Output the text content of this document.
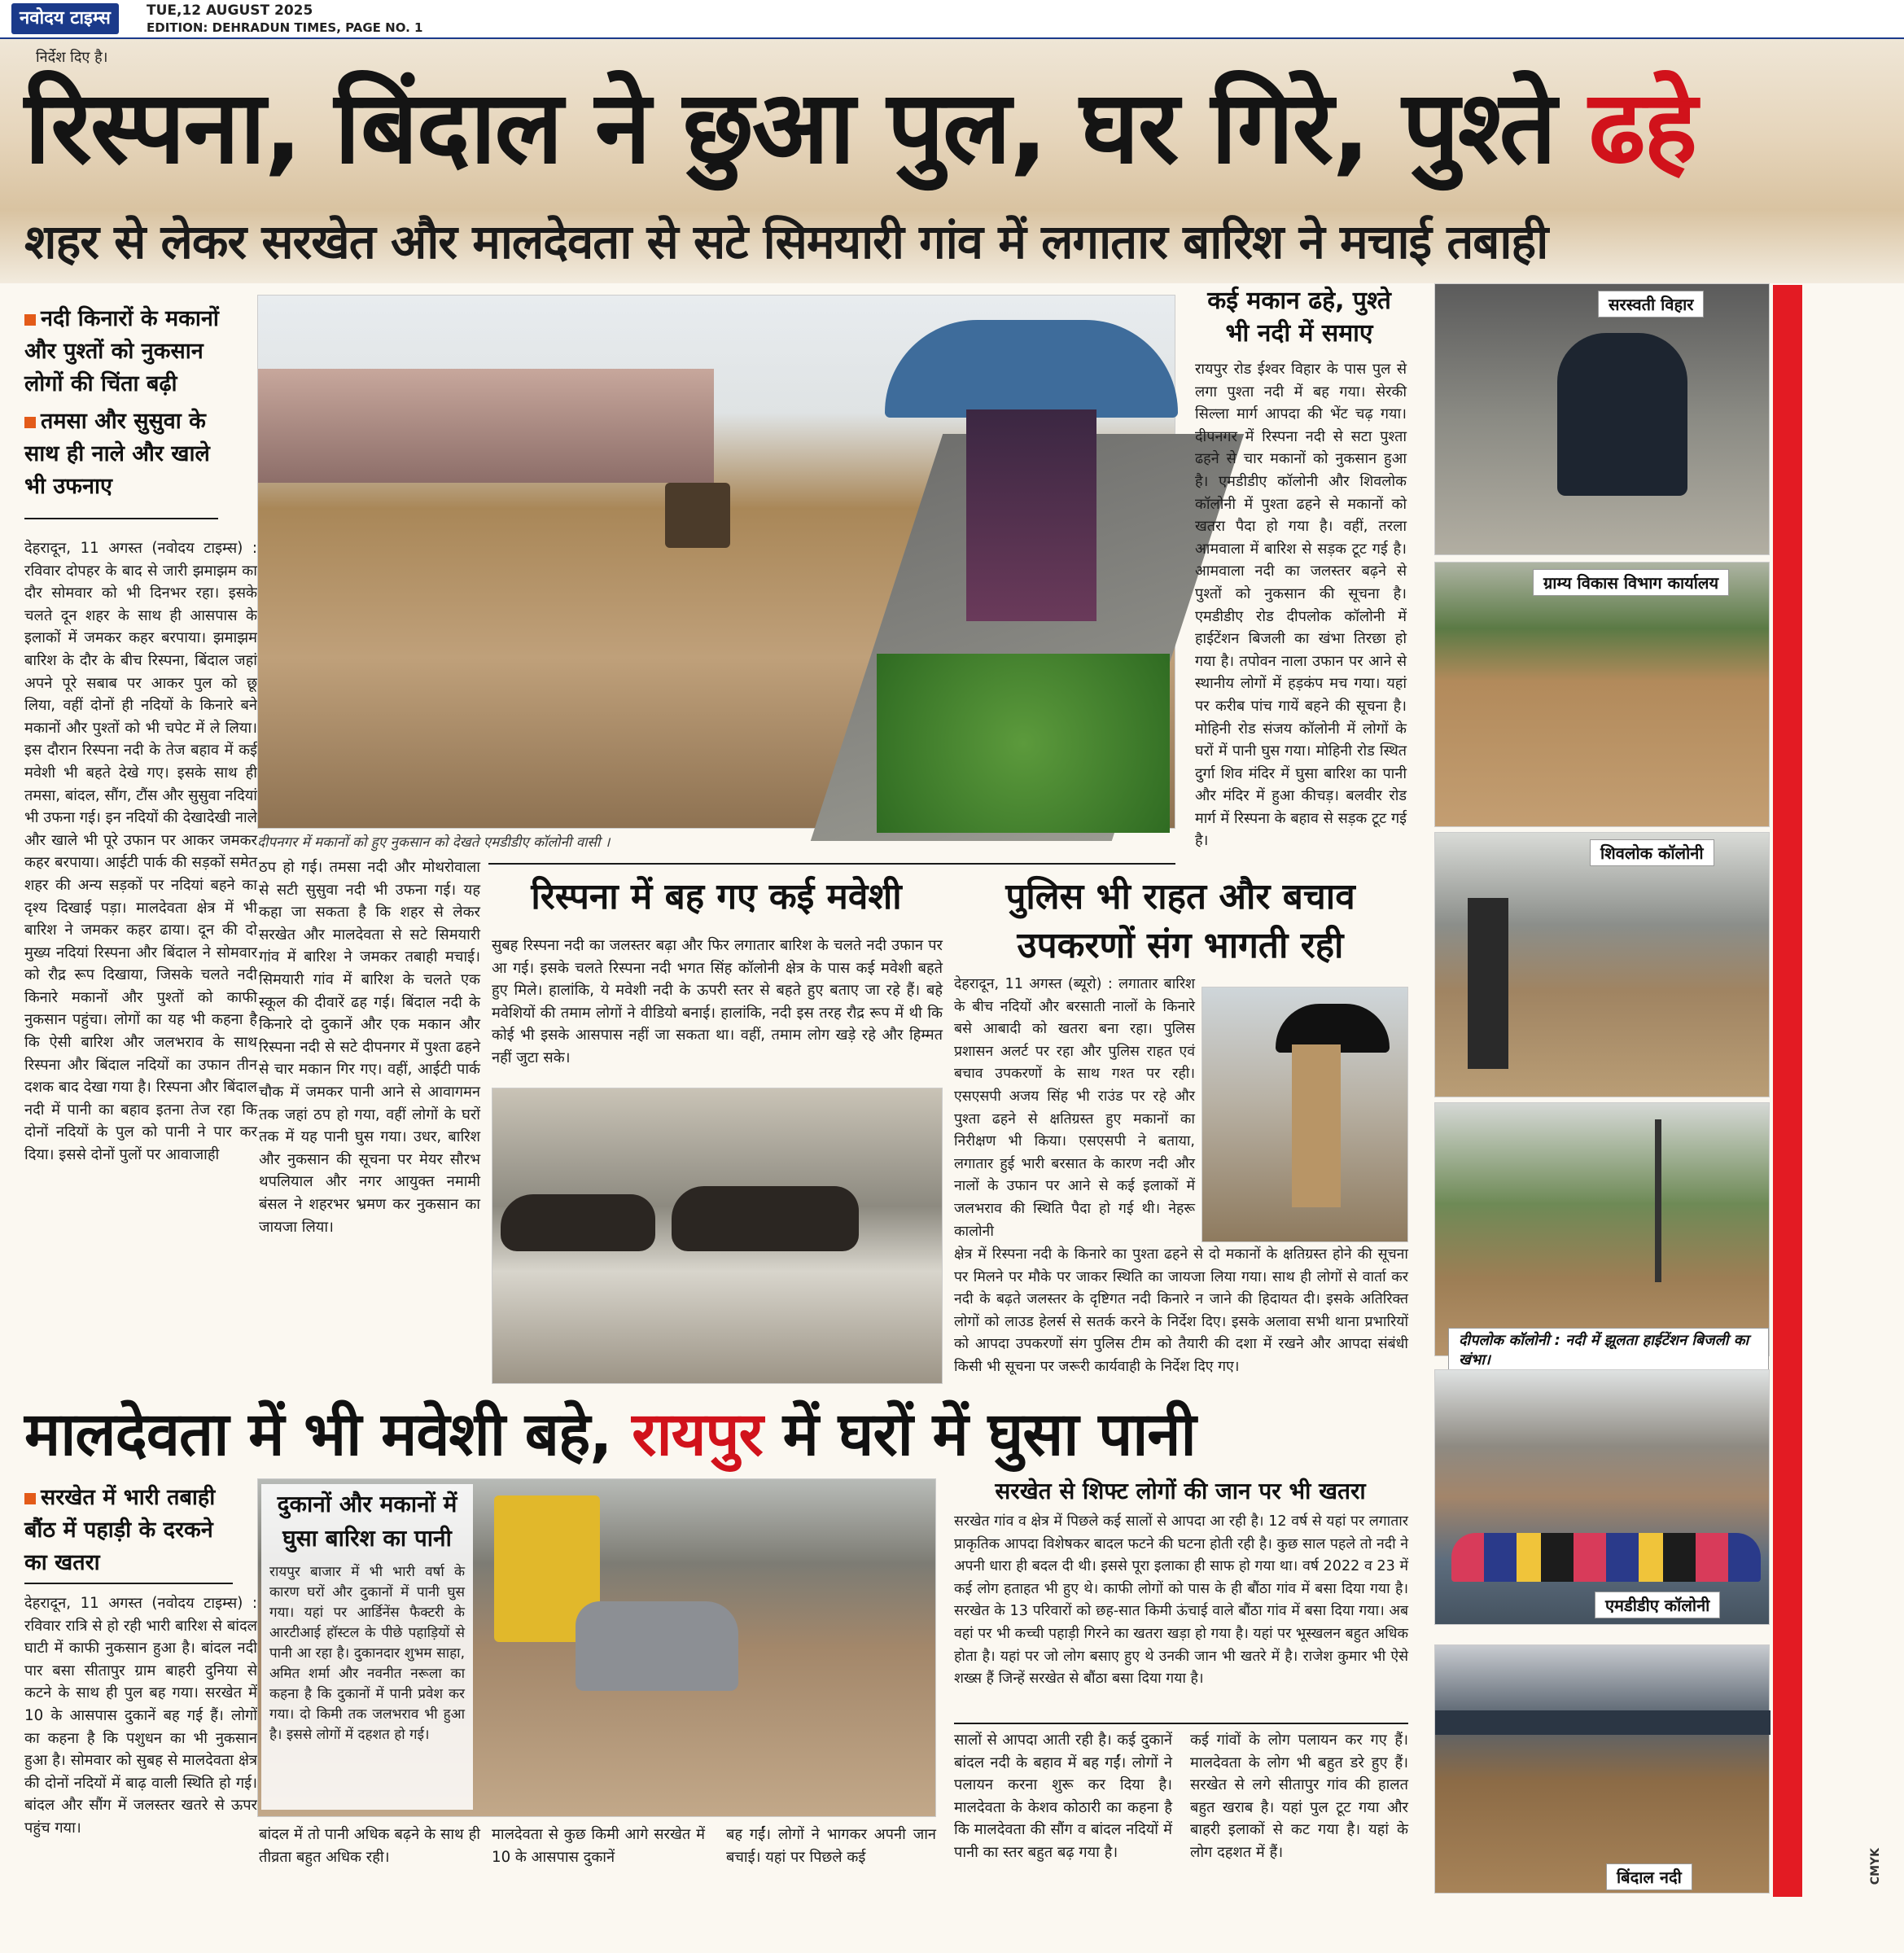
नवोदय टाइम्स	TUE,12 AUGUST 2025
EDITION: DEHRADUN TIMES, PAGE NO. 1
निर्देश दिए है।
रिस्पना, बिंदाल ने छुआ पुल, घर गिरे, पुश्ते ढहे
शहर से लेकर सरखेत और मालदेवता से सटे सिमयारी गांव में लगातार बारिश ने मचाई तबाही
नदी किनारों के मकानों और पुश्तों को नुकसान लोगों की चिंता बढ़ी
तमसा और सुसुवा के साथ ही नाले और खाले भी उफनाए
देहरादून, 11 अगस्त (नवोदय टाइम्स) : रविवार दोपहर के बाद से जारी झमाझम का दौर सोमवार को भी दिनभर रहा। इसके चलते दून शहर के साथ ही आसपास के इलाकों में जमकर कहर बरपाया। झमाझम बारिश के दौर के बीच रिस्पना, बिंदाल जहां अपने पूरे सबाब पर आकर पुल को छू लिया, वहीं दोनों ही नदियों के किनारे बने मकानों और पुश्तों को भी चपेट में ले लिया। इस दौरान रिस्पना नदी के तेज बहाव में कई मवेशी भी बहते देखे गए। इसके साथ ही तमसा, बांदल, सौंग, टौंस और सुसुवा नदियां भी उफना गई। इन नदियों की देखादेखी नाले और खाले भी पूरे उफान पर आकर जमकर कहर बरपाया। आईटी पार्क की सड़कों समेत शहर की अन्य सड़कों पर नदियां बहने का दृश्य दिखाई पड़ा। मालदेवता क्षेत्र में भी बारिश ने जमकर कहर ढाया। दून की दो मुख्य नदियां रिस्पना और बिंदाल ने सोमवार को रौद्र रूप दिखाया, जिसके चलते नदी किनारे मकानों और पुश्तों को काफी नुकसान पहुंचा। लोगों का यह भी कहना है कि ऐसी बारिश और जलभराव के साथ रिस्पना और बिंदाल नदियों का उफान तीन दशक बाद देखा गया है। रिस्पना और बिंदाल नदी में पानी का बहाव इतना तेज रहा कि दोनों नदियों के पुल को पानी ने पार कर दिया। इससे दोनों पुलों पर आवाजाही
दीपनगर में मकानों को हुए नुकसान को देखते एमडीडीए कॉलोनी वासी ।
ठप हो गई। तमसा नदी और मोथरोवाला से सटी सुसुवा नदी भी उफना गई। यह कहा जा सकता है कि शहर से लेकर सरखेत और मालदेवता से सटे सिमयारी गांव में बारिश ने जमकर तबाही मचाई। सिमयारी गांव में बारिश के चलते एक स्कूल की दीवारें ढह गई। बिंदाल नदी के किनारे दो दुकानें और एक मकान और रिस्पना नदी से सटे दीपनगर में पुश्ता ढहने से चार मकान गिर गए। वहीं, आईटी पार्क चौक में जमकर पानी आने से आवागमन तक जहां ठप हो गया, वहीं लोगों के घरों तक में यह पानी घुस गया। उधर, बारिश और नुकसान की सूचना पर मेयर सौरभ थपलियाल और नगर आयुक्त नमामी बंसल ने शहरभर भ्रमण कर नुकसान का जायजा लिया।
कई मकान ढहे, पुश्ते भी नदी में समाए
रायपुर रोड ईश्वर विहार के पास पुल से लगा पुश्ता नदी में बह गया। सेरकी सिल्ला मार्ग आपदा की भेंट चढ़ गया। दीपनगर में रिस्पना नदी से सटा पुश्ता ढहने से चार मकानों को नुकसान हुआ है। एमडीडीए कॉलोनी और शिवलोक कॉलोनी में पुश्ता ढहने से मकानों को खतरा पैदा हो गया है। वहीं, तरला आमवाला में बारिश से सड़क टूट गई है। आमवाला नदी का जलस्तर बढ़ने से पुश्तों को नुकसान की सूचना है। एमडीडीए रोड दीपलोक कॉलोनी में हाईटेंशन बिजली का खंभा तिरछा हो गया है। तपोवन नाला उफान पर आने से स्थानीय लोगों में हड़कंप मच गया। यहां पर करीब पांच गायें बहने की सूचना है। मोहिनी रोड संजय कॉलोनी में लोगों के घरों में पानी घुस गया। मोहिनी रोड स्थित दुर्गा शिव मंदिर में घुसा बारिश का पानी और मंदिर में हुआ कीचड़। बलवीर रोड मार्ग में रिस्पना के बहाव से सड़क टूट गई है।
रिस्पना में बह गए कई मवेशी
सुबह रिस्पना नदी का जलस्तर बढ़ा और फिर लगातार बारिश के चलते नदी उफान पर आ गई। इसके चलते रिस्पना नदी भगत सिंह कॉलोनी क्षेत्र के पास कई मवेशी बहते हुए मिले। हालांकि, ये मवेशी नदी के ऊपरी स्तर से बहते हुए बताए जा रहे हैं। बहे मवेशियों की तमाम लोगों ने वीडियो बनाई। हालांकि, नदी इस तरह रौद्र रूप में थी कि कोई भी इसके आसपास नहीं जा सकता था। वहीं, तमाम लोग खड़े रहे और हिम्मत नहीं जुटा सके।
पुलिस भी राहत और बचाव उपकरणों संग भागती रही
देहरादून, 11 अगस्त (ब्यूरो) : लगातार बारिश के बीच नदियों और बरसाती नालों के किनारे बसे आबादी को खतरा बना रहा। पुलिस प्रशासन अलर्ट पर रहा और पुलिस राहत एवं बचाव उपकरणों के साथ गश्त पर रही। एसएसपी अजय सिंह भी राउंड पर रहे और पुश्ता ढहने से क्षतिग्रस्त हुए मकानों का निरीक्षण भी किया। एसएसपी ने बताया, लगातार हुई भारी बरसात के कारण नदी और नालों के उफान पर आने से कई इलाकों में जलभराव की स्थिति पैदा हो गई थी। नेहरू कालोनी
क्षेत्र में रिस्पना नदी के किनारे का पुश्ता ढहने से दो मकानों के क्षतिग्रस्त होने की सूचना पर मिलने पर मौके पर जाकर स्थिति का जायजा लिया गया। साथ ही लोगों से वार्ता कर नदी के बढ़ते जलस्तर के दृष्टिगत नदी किनारे न जाने की हिदायत दी। इसके अतिरिक्त लोगों को लाउड हेलर्स से सतर्क करने के निर्देश दिए। इसके अलावा सभी थाना प्रभारियों को आपदा उपकरणों संग पुलिस टीम को तैयारी की दशा में रखने और आपदा संबंधी किसी भी सूचना पर जरूरी कार्यवाही के निर्देश दिए गए।
सरस्वती विहार
ग्राम्य विकास विभाग कार्यालय
शिवलोक कॉलोनी
दीपलोक कॉलोनी : नदी में झूलता हाईटेंशन बिजली का खंभा।
एमडीडीए कॉलोनी
बिंदाल नदी
मालदेवता में भी मवेशी बहे, रायपुर में घरों में घुसा पानी
सरखेत में भारी तबाही बौंठ में पहाड़ी के दरकने का खतरा
देहरादून, 11 अगस्त (नवोदय टाइम्स) : रविवार रात्रि से हो रही भारी बारिश से बांदल घाटी में काफी नुकसान हुआ है। बांदल नदी पार बसा सीतापुर ग्राम बाहरी दुनिया से कटने के साथ ही पुल बह गया। सरखेत में 10 के आसपास दुकानें बह गई हैं। लोगों का कहना है कि पशुधन का भी नुकसान हुआ है। सोमवार को सुबह से मालदेवता क्षेत्र की दोनों नदियों में बाढ़ वाली स्थिति हो गई। बांदल और सौंग में जलस्तर खतरे से ऊपर पहुंच गया।
दुकानों और मकानों में घुसा बारिश का पानी
रायपुर बाजार में भी भारी वर्षा के कारण घरों और दुकानों में पानी घुस गया। यहां पर आर्डिनेंस फैक्टरी के आरटीआई हॉस्टल के पीछे पहाड़ियों से पानी आ रहा है। दुकानदार शुभम साहा, अमित शर्मा और नवनीत नरूला का कहना है कि दुकानों में पानी प्रवेश कर गया। दो किमी तक जलभराव भी हुआ है। इससे लोगों में दहशत हो गई।
बांदल में तो पानी अधिक बढ़ने के साथ ही तीव्रता बहुत अधिक रही।
मालदेवता से कुछ किमी आगे सरखेत में 10 के आसपास दुकानें
बह गईं। लोगों ने भागकर अपनी जान बचाई। यहां पर पिछले कई
सरखेत से शिफ्ट लोगों की जान पर भी खतरा
सरखेत गांव व क्षेत्र में पिछले कई सालों से आपदा आ रही है। 12 वर्ष से यहां पर लगातार प्राकृतिक आपदा विशेषकर बादल फटने की घटना होती रही है। कुछ साल पहले तो नदी ने अपनी धारा ही बदल दी थी। इससे पूरा इलाका ही साफ हो गया था। वर्ष 2022 व 23 में कई लोग हताहत भी हुए थे। काफी लोगों को पास के ही बौंठा गांव में बसा दिया गया है। सरखेत के 13 परिवारों को छह-सात किमी ऊंचाई वाले बौंठा गांव में बसा दिया गया। अब वहां पर भी कच्ची पहाड़ी गिरने का खतरा खड़ा हो गया है। यहां पर भूस्खलन बहुत अधिक होता है। यहां पर जो लोग बसाए हुए थे उनकी जान भी खतरे में है। राजेश कुमार भी ऐसे शख्स हैं जिन्हें सरखेत से बौंठा बसा दिया गया है।
सालों से आपदा आती रही है। कई दुकानें बांदल नदी के बहाव में बह गईं। लोगों ने पलायन करना शुरू कर दिया है। मालदेवता के केशव कोठारी का कहना है कि मालदेवता की सौंग व बांदल नदियों में पानी का स्तर बहुत बढ़ गया है।
कई गांवों के लोग पलायन कर गए हैं। मालदेवता के लोग भी बहुत डरे हुए हैं। सरखेत से लगे सीतापुर गांव की हालत बहुत खराब है। यहां पुल टूट गया और बाहरी इलाकों से कट गया है। यहां के लोग दहशत में हैं।	CMYK
